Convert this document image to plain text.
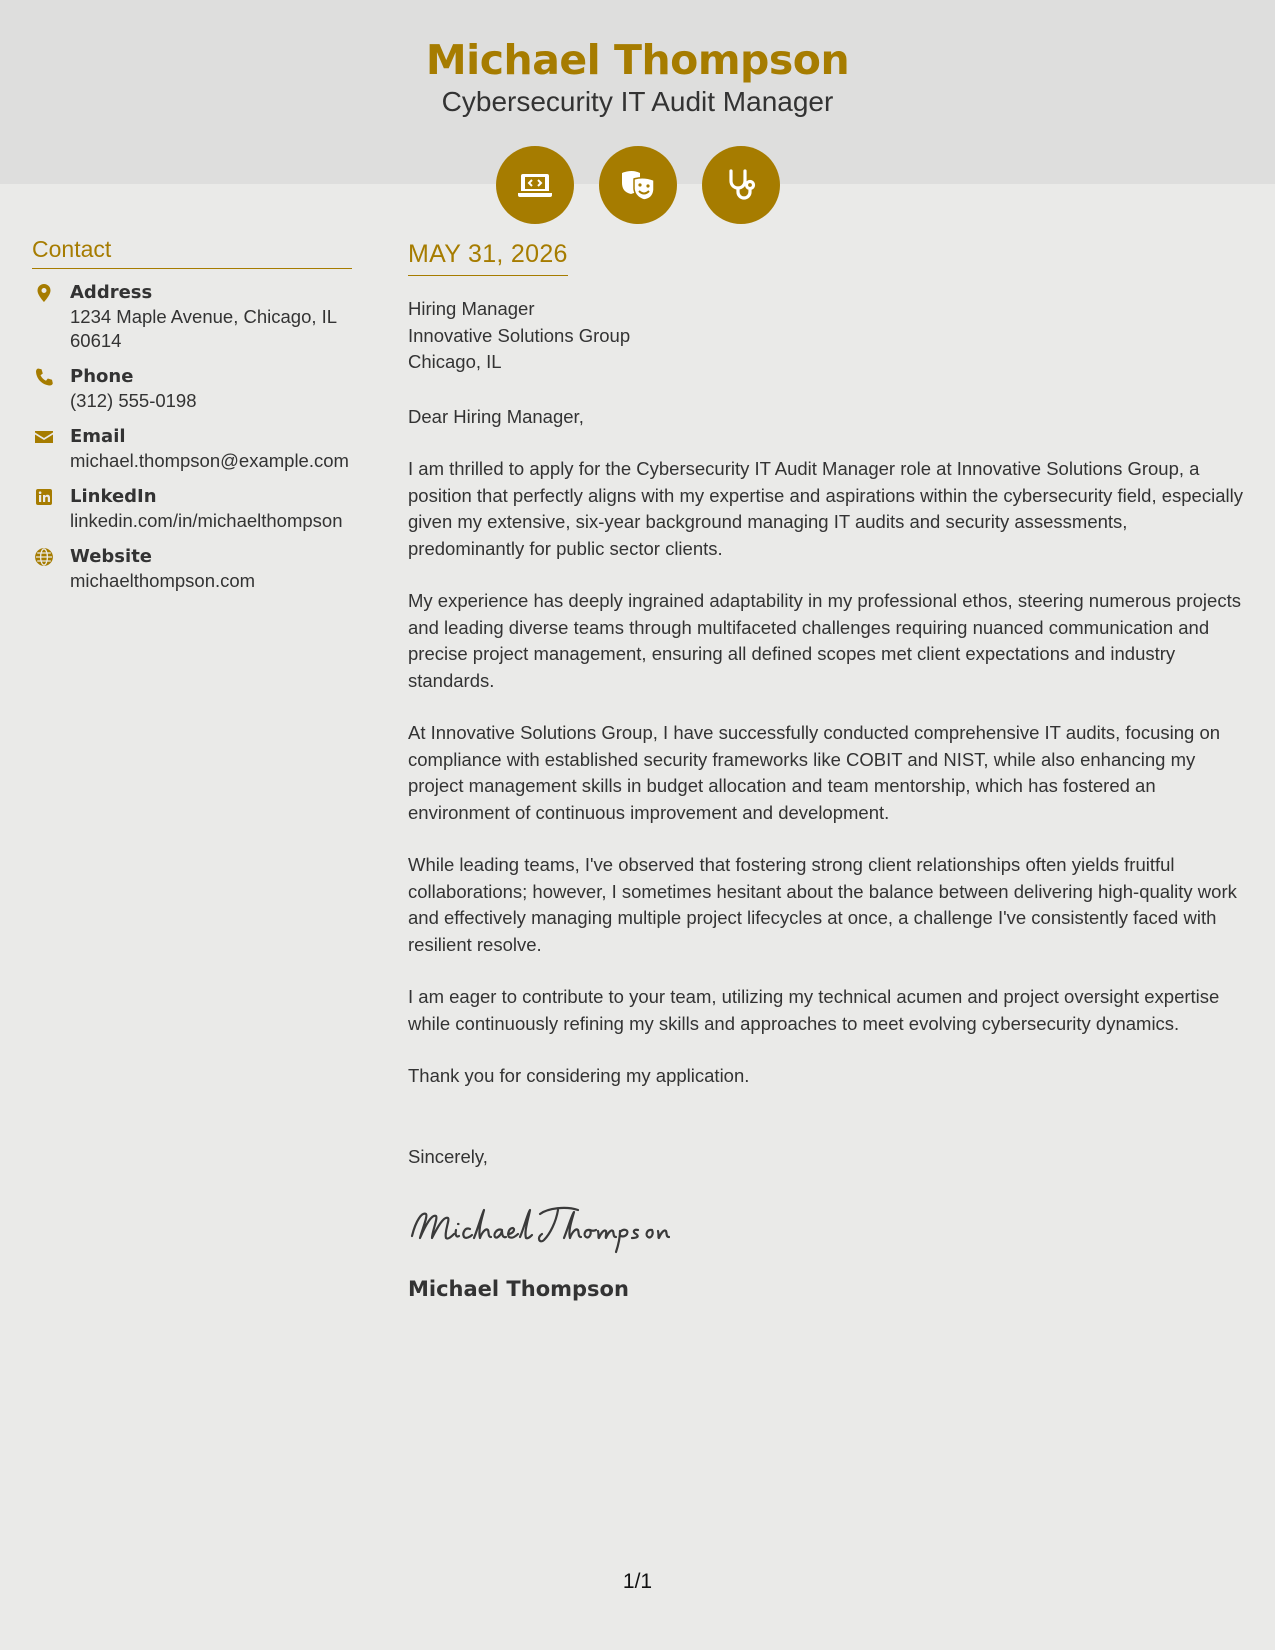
Michael Thompson
Cybersecurity IT Audit Manager
Contact
Address
1234 Maple Avenue, Chicago, IL 60614
Phone
(312) 555-0198
Email
michael.thompson@example.com
LinkedIn
linkedin.com/in/michaelthompson
Website
michaelthompson.com
MAY 31, 2026
Hiring Manager
Innovative Solutions Group
Chicago, IL
Dear Hiring Manager,
I am thrilled to apply for the Cybersecurity IT Audit Manager role at Innovative Solutions Group, a position that perfectly aligns with my expertise and aspirations within the cybersecurity field, especially given my extensive, six-year background managing IT audits and security assessments, predominantly for public sector clients.
My experience has deeply ingrained adaptability in my professional ethos, steering numerous projects and leading diverse teams through multifaceted challenges requiring nuanced communication and precise project management, ensuring all defined scopes met client expectations and industry standards.
At Innovative Solutions Group, I have successfully conducted comprehensive IT audits, focusing on compliance with established security frameworks like COBIT and NIST, while also enhancing my project management skills in budget allocation and team mentorship, which has fostered an environment of continuous improvement and development.
While leading teams, I've observed that fostering strong client relationships often yields fruitful collaborations; however, I sometimes hesitant about the balance between delivering high-quality work and effectively managing multiple project lifecycles at once, a challenge I've consistently faced with resilient resolve.
I am eager to contribute to your team, utilizing my technical acumen and project oversight expertise while continuously refining my skills and approaches to meet evolving cybersecurity dynamics.
Thank you for considering my application.
Sincerely,
Michael Thompson
1/1
